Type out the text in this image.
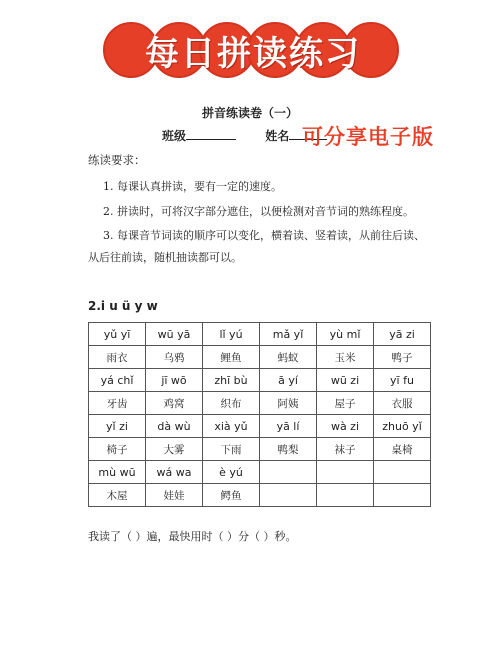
每日拼读练习
拼音练读卷（一）
班级	姓名 可分享电子版
练读要求：
1. 每课认真拼读，要有一定的速度。
2. 拼读时，可将汉字部分遮住，以便检测对音节词的熟练程度。
3. 每课音节词读的顺序可以变化，横着读、竖着读，从前往后读、
从后往前读，随机抽读都可以。
2.i u ü y w
yǔ yī	wū yā	lǐ yú	mǎ yǐ	yù mǐ	yā zi
雨衣	乌鸦	鲤鱼	蚂蚁	玉米	鸭子
yá chǐ	jī wō	zhī bù	ā yí	wū zi	yī fu
牙齿	鸡窝	织布	阿姨	屋子	衣服
yǐ zi	dà wù	xià yǔ	yā lí	wà zi	zhuō yǐ
椅子	大雾	下雨	鸭梨	袜子	桌椅
mù wū	wá wa	è yú			
木屋	娃娃	鳄鱼			
我读了（ ）遍，最快用时（ ）分（ ）秒。
